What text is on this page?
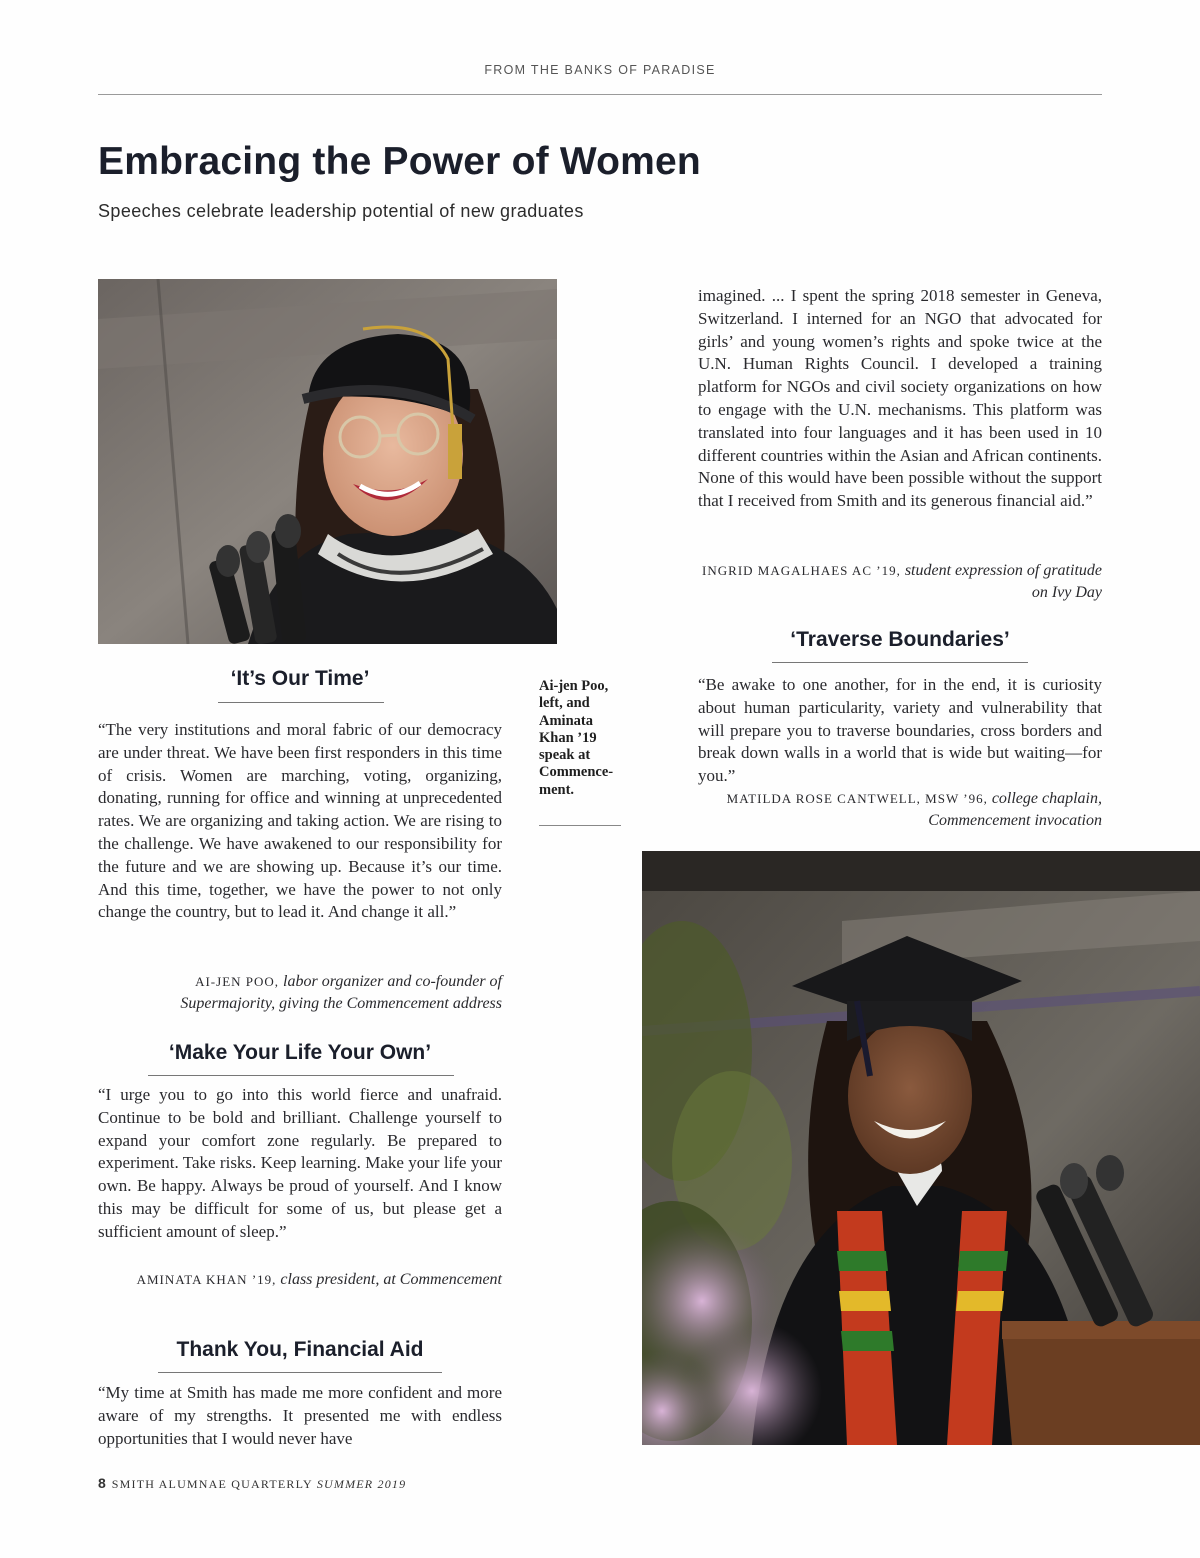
FROM THE BANKS OF PARADISE
Embracing the Power of Women
Speeches celebrate leadership potential of new graduates
‘It’s Our Time’
“The very institutions and moral fabric of our democracy are under threat. We have been first responders in this time of crisis. Women are marching, voting, organizing, donating, running for office and winning at unprecedented rates. We are organizing and taking action. We are rising to the challenge. We have awakened to our responsibility for the future and we are showing up. Because it’s our time. And this time, together, we have the power to not only change the country, but to lead it. And change it all.”
AI-JEN POO, labor organizer and co-founder of Supermajority, giving the Commencement address
‘Make Your Life Your Own’
“I urge you to go into this world fierce and unafraid. Continue to be bold and brilliant. Challenge yourself to expand your comfort zone regularly. Be prepared to experiment. Take risks. Keep learning. Make your life your own. Be happy. Always be proud of yourself. And I know this may be difficult for some of us, but please get a sufficient amount of sleep.”
AMINATA KHAN ’19, class president, at Commencement
Thank You, Financial Aid
“My time at Smith has made me more confident and more aware of my strengths. It presented me with endless opportunities that I would never have
Ai-jen Poo, left, and Aminata Khan ’19 speak at Commence-ment.
imagined. ... I spent the spring 2018 semester in Geneva, Switzerland. I interned for an NGO that advocated for girls’ and young women’s rights and spoke twice at the U.N. Human Rights Council. I developed a training platform for NGOs and civil society organizations on how to engage with the U.N. mechanisms. This platform was translated into four languages and it has been used in 10 different countries within the Asian and African continents. None of this would have been possible without the support that I received from Smith and its generous financial aid.”
INGRID MAGALHAES AC ’19, student expression of gratitude on Ivy Day
‘Traverse Boundaries’
“Be awake to one another, for in the end, it is curiosity about human particularity, variety and vulnerability that will prepare you to traverse boundaries, cross borders and break down walls in a world that is wide but waiting—for you.”
MATILDA ROSE CANTWELL, MSW ’96, college chaplain, Commencement invocation
8 SMITH ALUMNAE QUARTERLY SUMMER 2019
